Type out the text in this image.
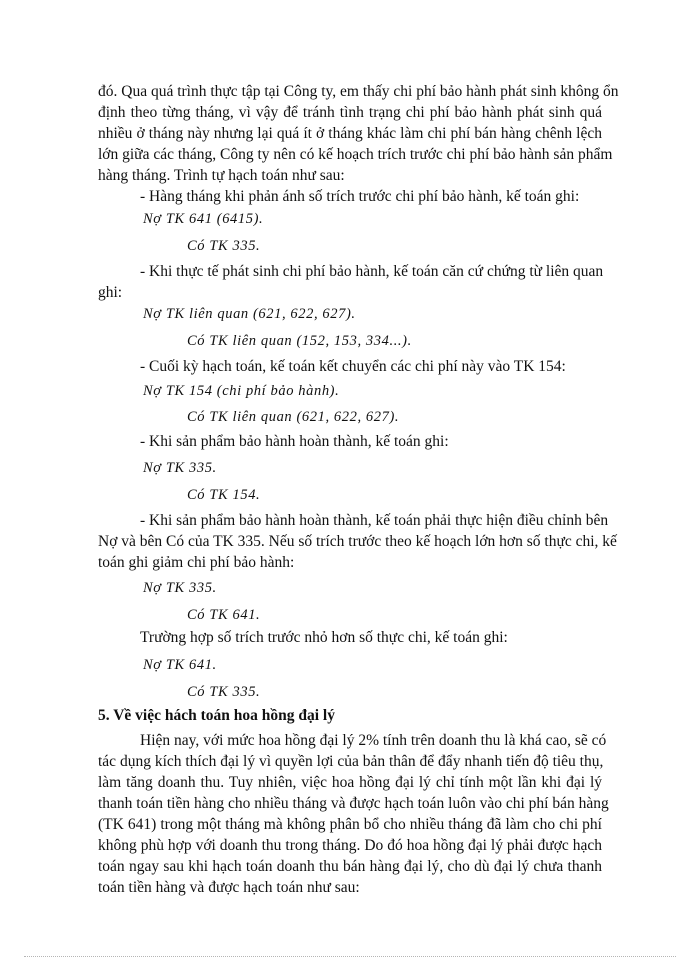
đó. Qua quá trình thực tập tại Công ty, em thấy chi phí bảo hành phát sinh không ổn
định theo từng tháng, vì vậy để tránh tình trạng chi phí bảo hành phát sinh quá
nhiều ở tháng này nhưng lại quá ít ở tháng khác làm chi phí bán hàng chênh lệch
lớn giữa các tháng, Công ty nên có kế hoạch trích trước chi phí bảo hành sản phẩm
hàng tháng. Trình tự hạch toán như sau:
- Hàng tháng khi phản ánh số trích trước chi phí bảo hành, kế toán ghi:
Nợ TK 641 (6415).
Có TK 335.
- Khi thực tế phát sinh chi phí bảo hành, kế toán căn cứ chứng từ liên quan
ghi:
Nợ TK liên quan (621, 622, 627).
Có TK liên quan (152, 153, 334...).
- Cuối kỳ hạch toán, kế toán kết chuyển các chi phí này vào TK 154:
Nợ TK 154 (chi phí bảo hành).
Có TK liên quan (621, 622, 627).
- Khi sản phẩm bảo hành hoàn thành, kế toán ghi:
Nợ TK 335.
Có TK 154.
- Khi sản phẩm bảo hành hoàn thành, kế toán phải thực hiện điều chỉnh bên
Nợ và bên Có của TK 335. Nếu số trích trước theo kế hoạch lớn hơn số thực chi, kế
toán ghi giảm chi phí bảo hành:
Nợ TK 335.
Có TK 641.
Trường hợp số trích trước nhỏ hơn số thực chi, kế toán ghi:
Nợ TK 641.
Có TK 335.
5. Về việc hách toán hoa hồng đại lý
Hiện nay, với mức hoa hồng đại lý 2% tính trên doanh thu là khá cao, sẽ có
tác dụng kích thích đại lý vì quyền lợi của bản thân để đẩy nhanh tiến độ tiêu thụ,
làm tăng doanh thu. Tuy nhiên, việc hoa hồng đại lý chỉ tính một lần khi đại lý
thanh toán tiền hàng cho nhiều tháng và được hạch toán luôn vào chi phí bán hàng
(TK 641) trong một tháng mà không phân bổ cho nhiều tháng đã làm cho chi phí
không phù hợp với doanh thu trong tháng. Do đó hoa hồng đại lý phải được hạch
toán ngay sau khi hạch toán doanh thu bán hàng đại lý, cho dù đại lý chưa thanh
toán tiền hàng và được hạch toán như sau:
